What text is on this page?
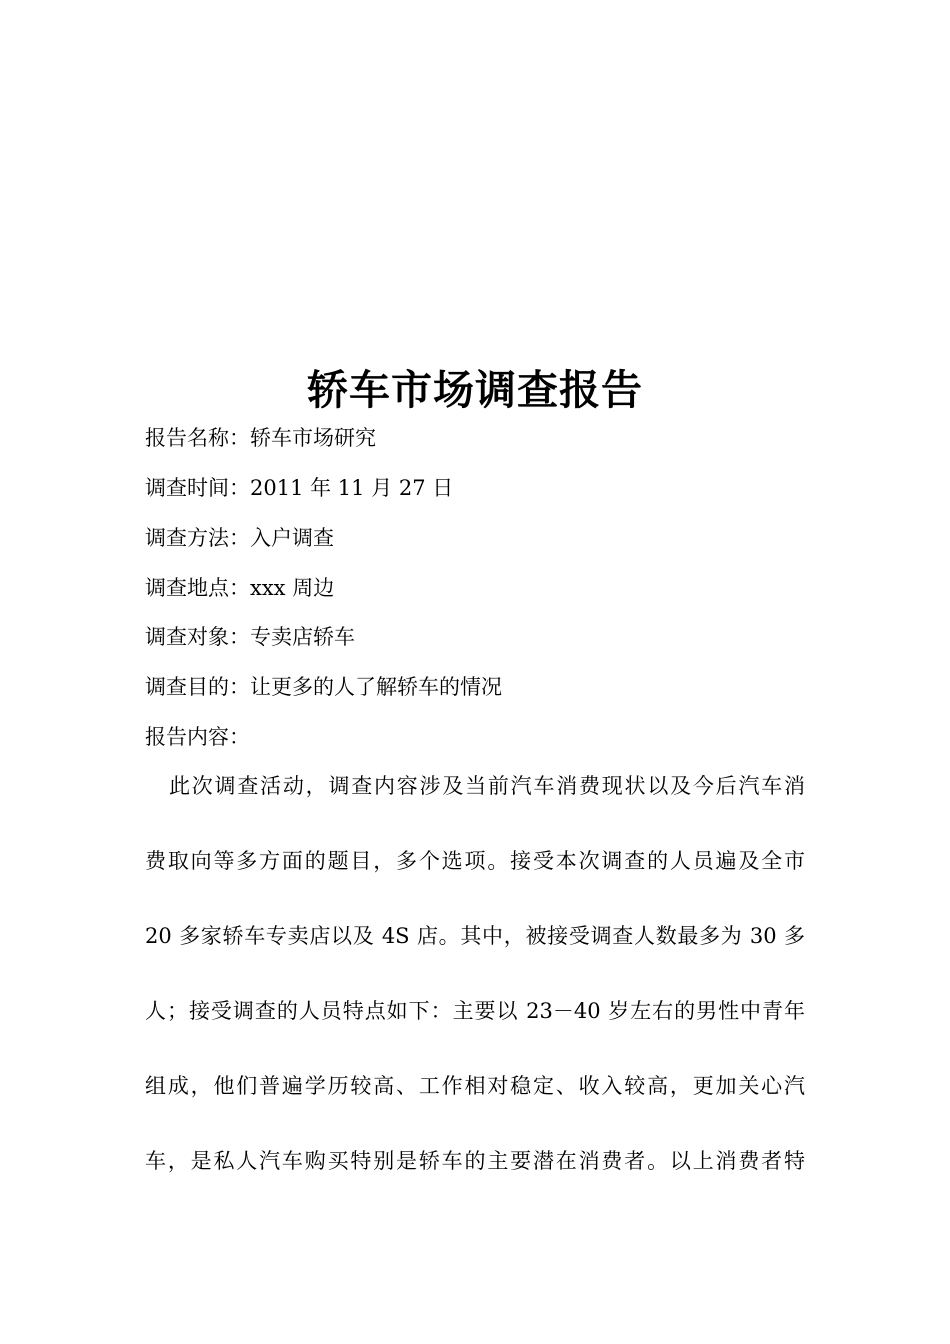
轿车市场调查报告
报告名称：轿车市场研究
调查时间：2011 年 11 月 27 日
调查方法：入户调查
调查地点：xxx 周边
调查对象：专卖店轿车
调查目的：让更多的人了解轿车的情况
报告内容：
此次调查活动，调查内容涉及当前汽车消费现状以及今后汽车消
费取向等多方面的题目，多个选项。接受本次调查的人员遍及全市
20 多家轿车专卖店以及 4S 店。其中，被接受调查人数最多为 30 多
人；接受调查的人员特点如下：主要以 23－40 岁左右的男性中青年
组成，他们普遍学历较高、工作相对稳定、收入较高，更加关心汽
车，是私人汽车购买特别是轿车的主要潜在消费者。以上消费者特
